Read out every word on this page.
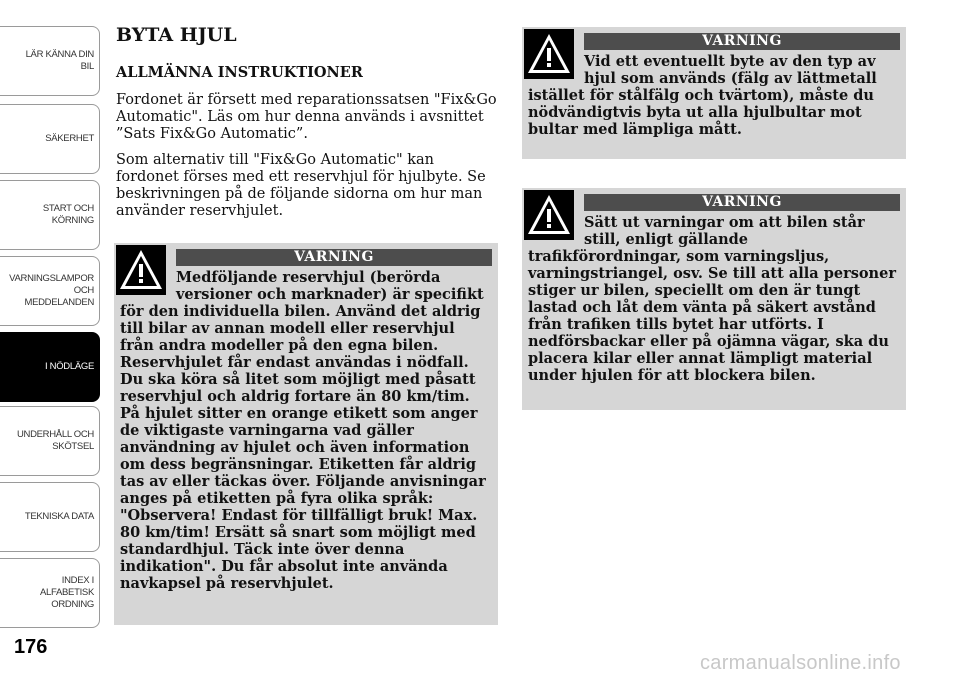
LÄR KÄNNA DIN
BIL
SÄKERHET
START OCH
KÖRNING
VARNINGSLAMPOR
OCH
MEDDELANDEN
I NÖDLÄGE
UNDERHÅLL OCH
SKÖTSEL
TEKNISKA DATA
INDEX I
ALFABETISK
ORDNING
176
BYTA HJUL
ALLMÄNNA INSTRUKTIONER

Fordonet är försett med reparationssatsen "Fix&Go Automatic". Läs om hur denna används i avsnittet ”Sats Fix&Go Automatic”.

Som alternativ till "Fix&Go Automatic" kan fordonet förses med ett reservhjul för hjulbyte. Se beskrivningen på de följande sidorna om hur man använder reservhjulet.

VARNING

Medföljande reservhjul (berörda versioner och marknader) är specifikt

för den individuella bilen. Använd det aldrig till bilar av annan modell eller reservhjul från andra modeller på den egna bilen. Reservhjulet får endast användas i nödfall. Du ska köra så litet som möjligt med påsatt reservhjul och aldrig fortare än 80 km/tim. På hjulet sitter en orange etikett som anger de viktigaste varningarna vad gäller användning av hjulet och även information om dess begränsningar. Etiketten får aldrig tas av eller täckas över. Följande anvisningar anges på etiketten på fyra olika språk: "Observera! Endast för tillfälligt bruk! Max. 80 km/tim! Ersätt så snart som möjligt med standardhjul. Täck inte över denna indikation". Du får absolut inte använda navkapsel på reservhjulet.

VARNING

Vid ett eventuellt byte av den typ av hjul som används (fälg av lättmetall

istället för stålfälg och tvärtom), måste du nödvändigtvis byta ut alla hjulbultar mot bultar med lämpliga mått.

VARNING

Sätt ut varningar om att bilen står still, enligt gällande

trafikförordningar, som varningsljus, varningstriangel, osv. Se till att alla personer stiger ur bilen, speciellt om den är tungt lastad och låt dem vänta på säkert avstånd från trafiken tills bytet har utförts. I nedförsbackar eller på ojämna vägar, ska du placera kilar eller annat lämpligt material under hjulen för att blockera bilen.

carmanualsonline.info
